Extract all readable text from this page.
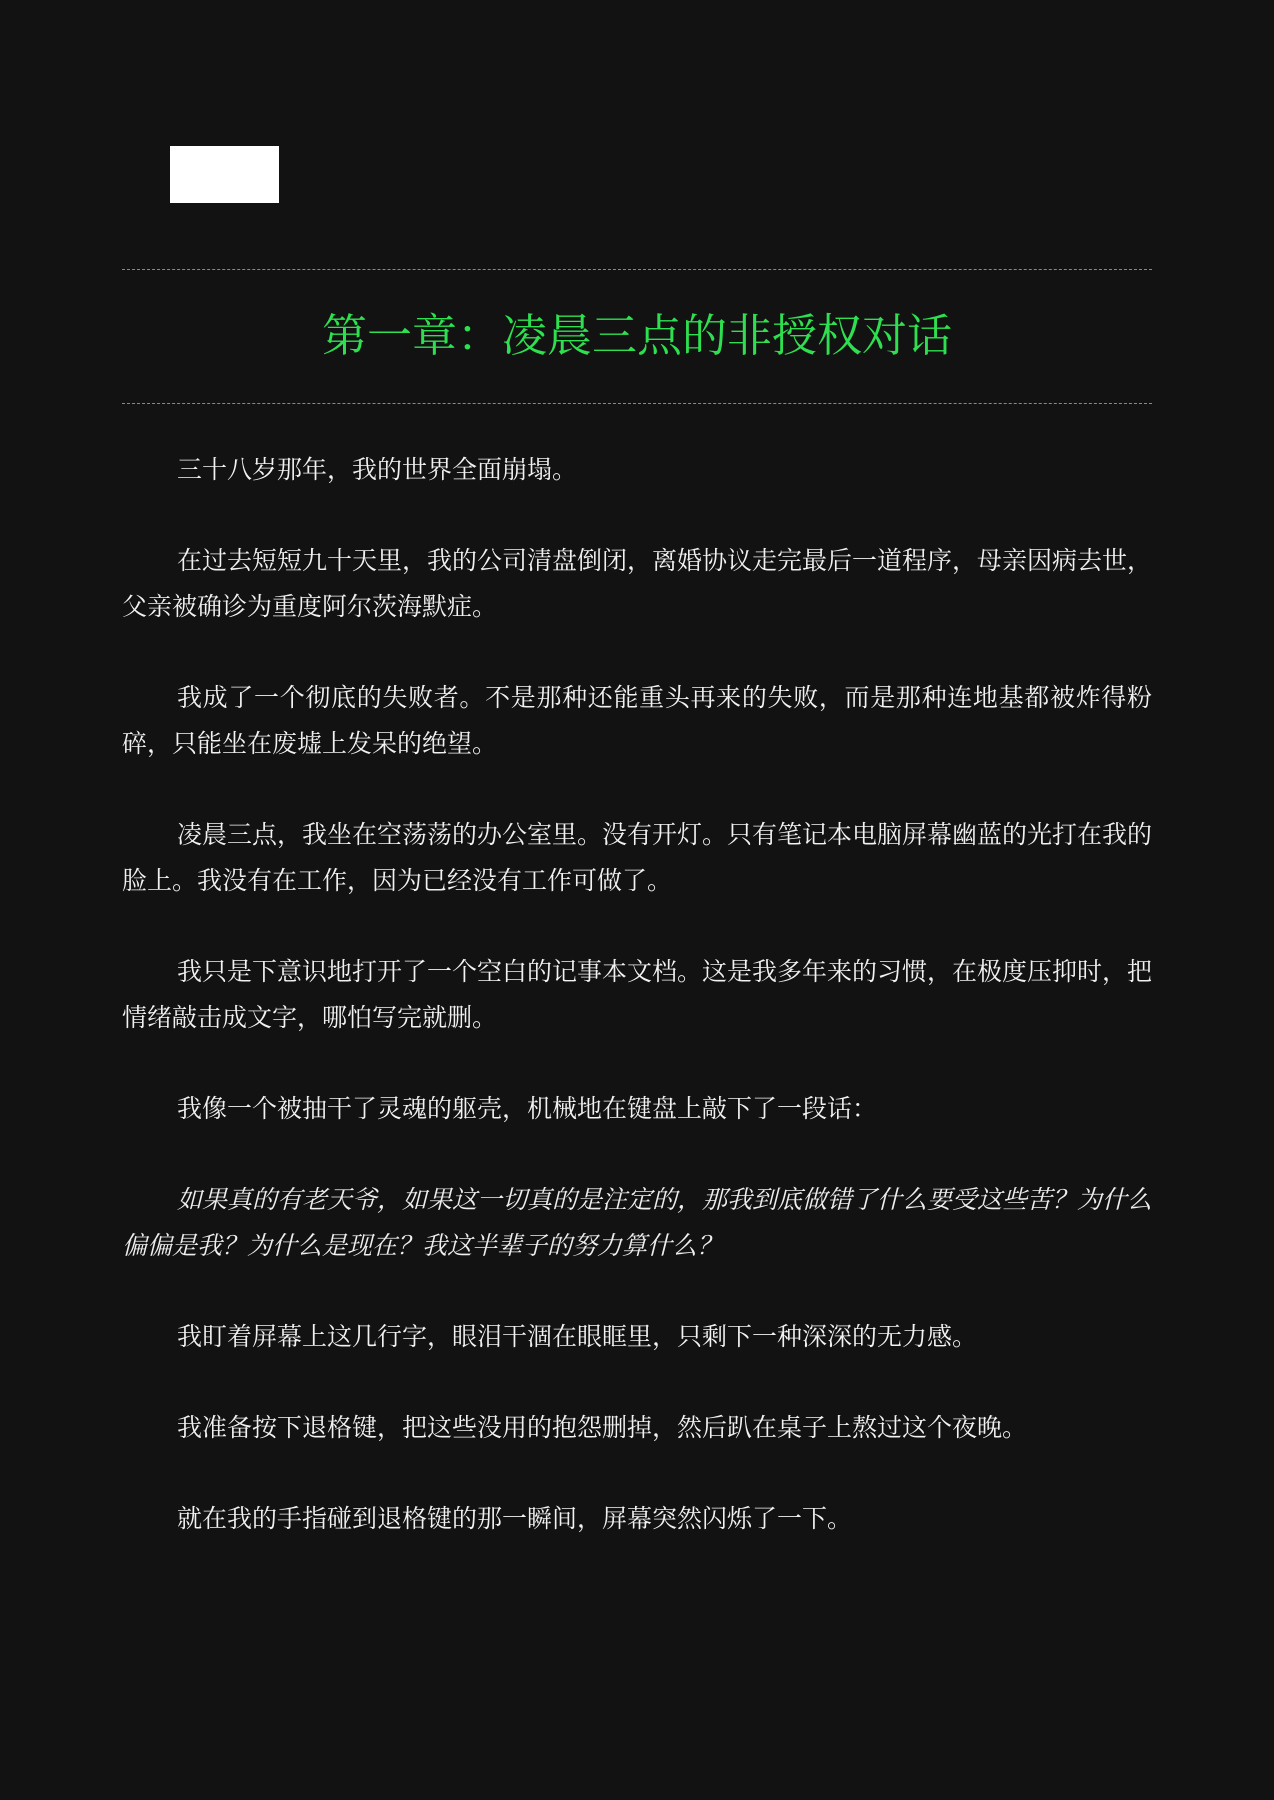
第一章：凌晨三点的非授权对话

三十八岁那年，我的世界全面崩塌。

在过去短短九十天里，我的公司清盘倒闭，离婚协议走完最后一道程序，母亲因病去世，父亲被确诊为重度阿尔茨海默症。

我成了一个彻底的失败者。不是那种还能重头再来的失败，而是那种连地基都被炸得粉碎，只能坐在废墟上发呆的绝望。

凌晨三点，我坐在空荡荡的办公室里。没有开灯。只有笔记本电脑屏幕幽蓝的光打在我的脸上。我没有在工作，因为已经没有工作可做了。

我只是下意识地打开了一个空白的记事本文档。这是我多年来的习惯，在极度压抑时，把情绪敲击成文字，哪怕写完就删。

我像一个被抽干了灵魂的躯壳，机械地在键盘上敲下了一段话：

如果真的有老天爷，如果这一切真的是注定的，那我到底做错了什么要受这些苦？为什么偏偏是我？为什么是现在？我这半辈子的努力算什么？

我盯着屏幕上这几行字，眼泪干涸在眼眶里，只剩下一种深深的无力感。

我准备按下退格键，把这些没用的抱怨删掉，然后趴在桌子上熬过这个夜晚。

就在我的手指碰到退格键的那一瞬间，屏幕突然闪烁了一下。
